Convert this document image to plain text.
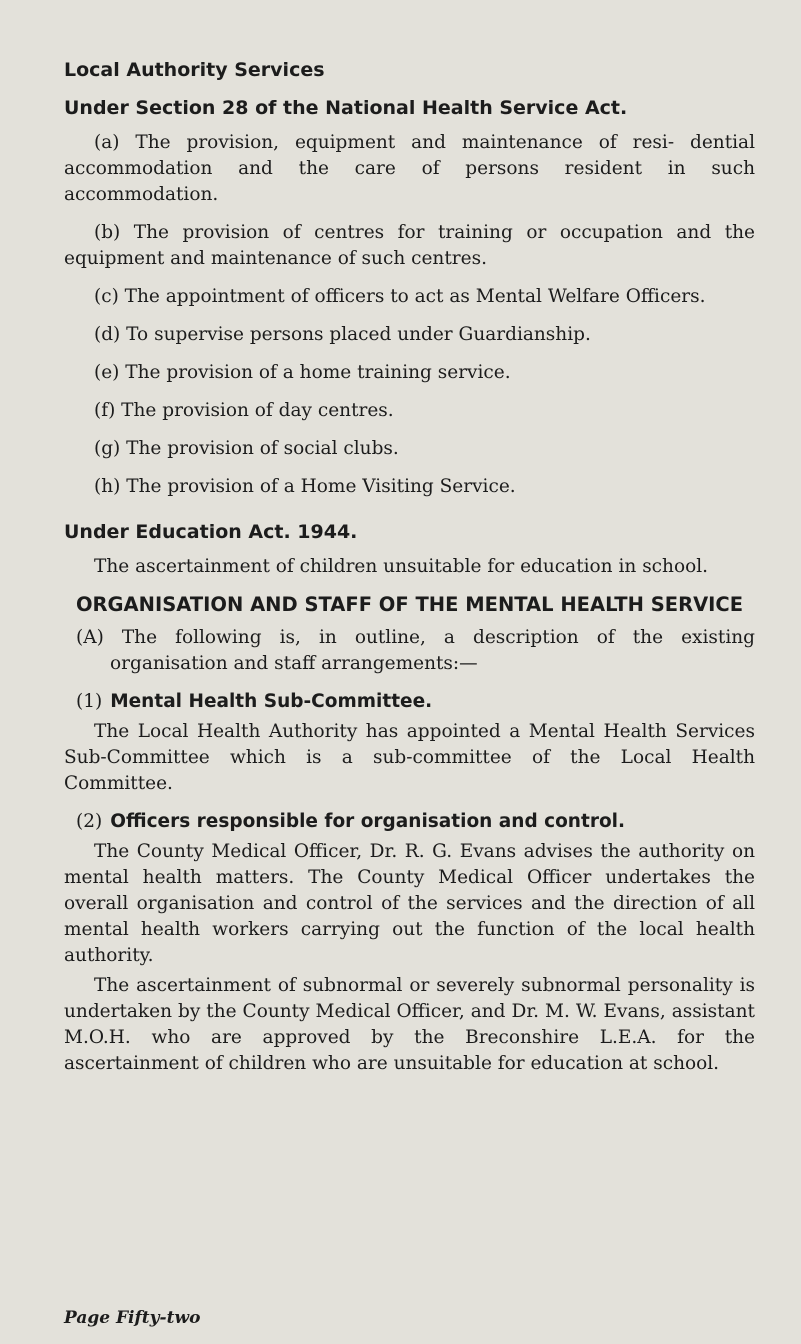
Local Authority Services
Under Section 28 of the National Health Service Act.

(a) The provision, equipment and maintenance of resi- dential accommodation and the care of persons resident in such accommodation.

(b) The provision of centres for training or occupation and the equipment and maintenance of such centres.

(c) The appointment of officers to act as Mental Welfare Officers.

(d) To supervise persons placed under Guardianship.

(e) The provision of a home training service.

(f) The provision of day centres.

(g) The provision of social clubs.

(h) The provision of a Home Visiting Service.

Under Education Act. 1944.

The ascertainment of children unsuitable for education in school.

ORGANISATION AND STAFF OF THE MENTAL HEALTH SERVICE

(A) The following is, in outline, a description of the existing organisation and staff arrangements:—

(1) Mental Health Sub-Committee.

The Local Health Authority has appointed a Mental Health Services Sub-Committee which is a sub-committee of the Local Health Committee.

(2) Officers responsible for organisation and control.

The County Medical Officer, Dr. R. G. Evans advises the authority on mental health matters. The County Medical Officer undertakes the overall organisation and control of the services and the direction of all mental health workers carrying out the function of the local health authority.

The ascertainment of subnormal or severely subnormal personality is undertaken by the County Medical Officer, and Dr. M. W. Evans, assistant M.O.H. who are approved by the Breconshire L.E.A. for the ascertainment of children who are unsuitable for education at school.

Page Fifty-two
